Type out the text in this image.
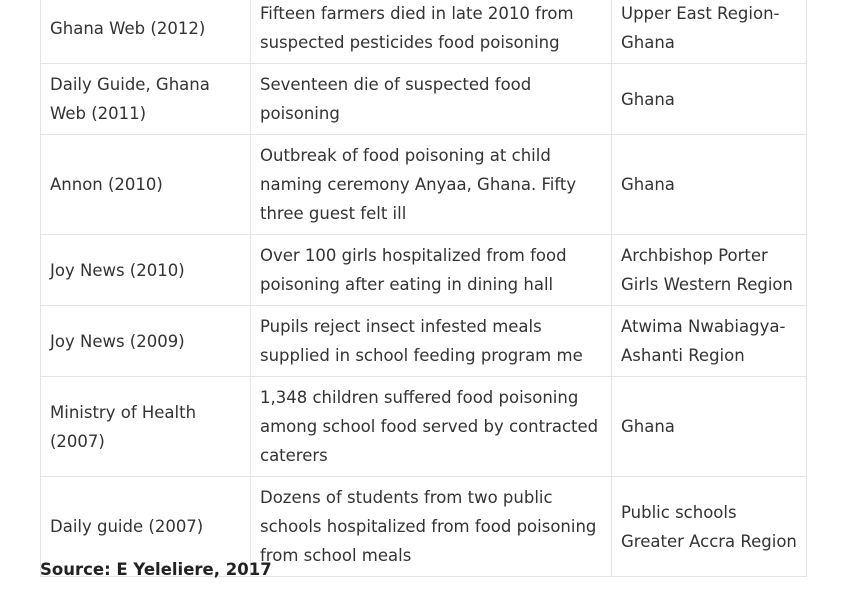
Ghana Web (2012)	Fifteen farmers died in late 2010 from suspected pesticides food poisoning	Upper East Region-Ghana
Daily Guide, Ghana Web (2011)	Seventeen die of suspected food poisoning	Ghana
Annon (2010)	Outbreak of food poisoning at child naming ceremony Anyaa, Ghana. Fifty three guest felt ill	Ghana
Joy News (2010)	Over 100 girls hospitalized from food poisoning after eating in dining hall	Archbishop Porter Girls Western Region
Joy News (2009)	Pupils reject insect infested meals supplied in school feeding program me	Atwima Nwabiagya-Ashanti Region
Ministry of Health (2007)	1,348 children suffered food poisoning among school food served by contracted caterers	Ghana
Daily guide (2007)	Dozens of students from two public schools hospitalized from food poisoning from school meals	Public schools Greater Accra Region

Source: E Yeleliere, 2017
